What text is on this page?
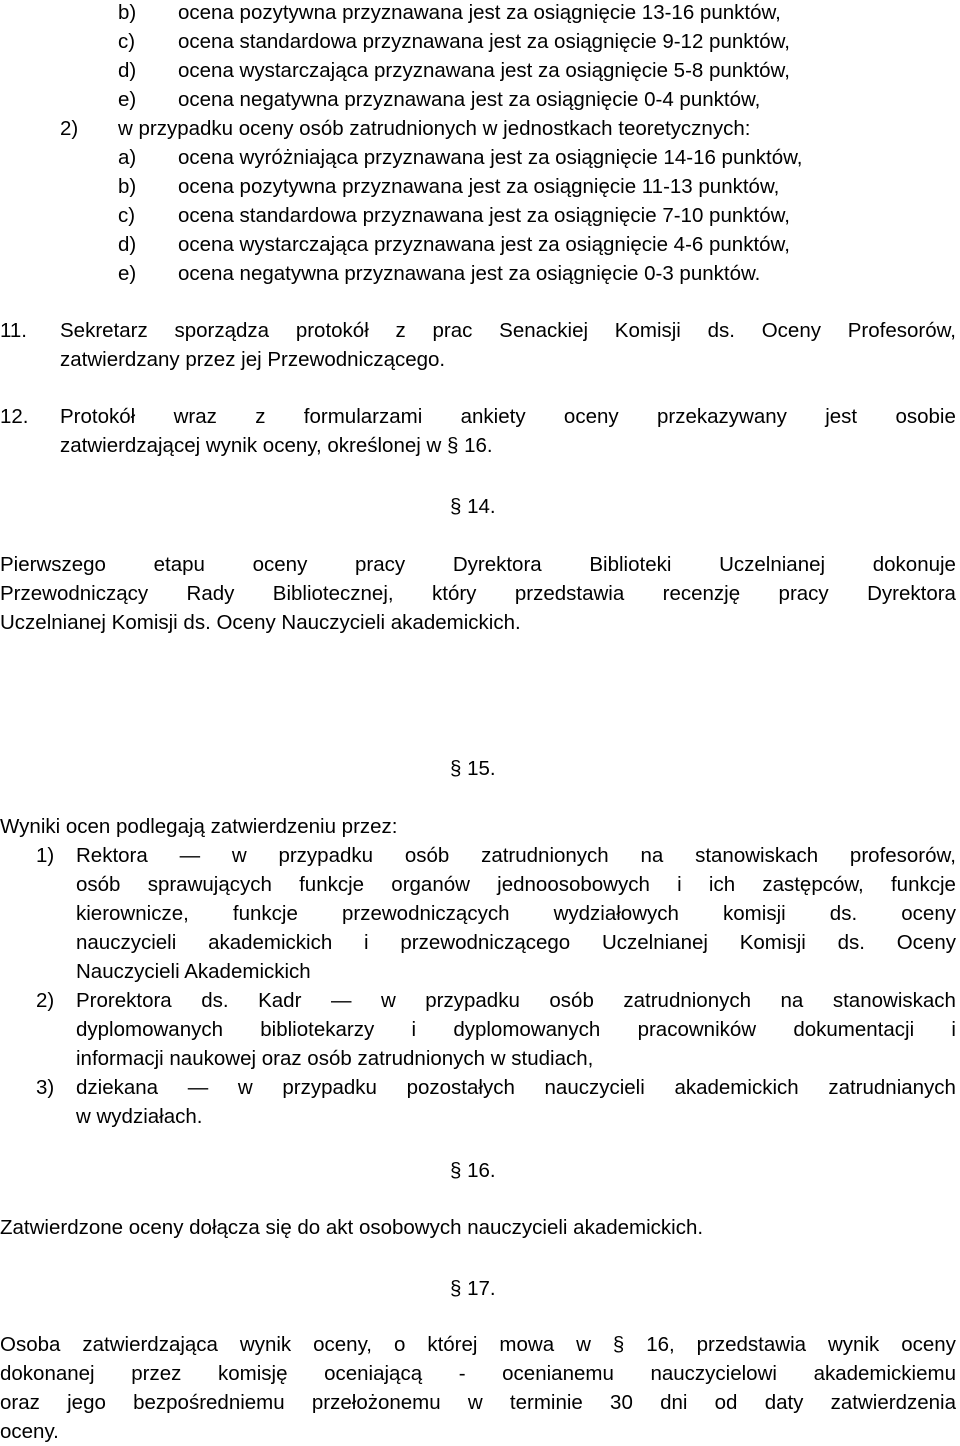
b) ocena pozytywna przyznawana jest za osiągnięcie 13-16 punktów,
c) ocena standardowa przyznawana jest za osiągnięcie 9-12 punktów,
d) ocena wystarczająca przyznawana jest za osiągnięcie 5-8 punktów,
e) ocena negatywna przyznawana jest za osiągnięcie 0-4 punktów,
2) w przypadku oceny osób zatrudnionych w jednostkach teoretycznych:
a) ocena wyróżniająca przyznawana jest za osiągnięcie 14-16 punktów,
b) ocena pozytywna przyznawana jest za osiągnięcie 11-13 punktów,
c) ocena standardowa przyznawana jest za osiągnięcie 7-10 punktów,
d) ocena wystarczająca przyznawana jest za osiągnięcie 4-6 punktów,
e) ocena negatywna przyznawana jest za osiągnięcie 0-3 punktów.
11. Sekretarz sporządza protokół z prac Senackiej Komisji ds. Oceny Profesorów,
zatwierdzany przez jej Przewodniczącego.
12. Protokół wraz z formularzami ankiety oceny przekazywany jest osobie
zatwierdzającej wynik oceny, określonej w § 16.
§ 14.
Pierwszego etapu oceny pracy Dyrektora Biblioteki Uczelnianej dokonuje
Przewodniczący Rady Bibliotecznej, który przedstawia recenzję pracy Dyrektora
Uczelnianej Komisji ds. Oceny Nauczycieli akademickich.
§ 15.
Wyniki ocen podlegają zatwierdzeniu przez:
1) Rektora — w przypadku osób zatrudnionych na stanowiskach profesorów,
osób sprawujących funkcje organów jednoosobowych i ich zastępców, funkcje
kierownicze, funkcje przewodniczących wydziałowych komisji ds. oceny
nauczycieli akademickich i przewodniczącego Uczelnianej Komisji ds. Oceny
Nauczycieli Akademickich
2) Prorektora ds. Kadr — w przypadku osób zatrudnionych na stanowiskach
dyplomowanych bibliotekarzy i dyplomowanych pracowników dokumentacji i
informacji naukowej oraz osób zatrudnionych w studiach,
3) dziekana — w przypadku pozostałych nauczycieli akademickich zatrudnianych
w wydziałach.
§ 16.
Zatwierdzone oceny dołącza się do akt osobowych nauczycieli akademickich.
§ 17.
Osoba zatwierdzająca wynik oceny, o której mowa w § 16, przedstawia wynik oceny
dokonanej przez komisję oceniającą - ocenianemu nauczycielowi akademickiemu
oraz jego bezpośredniemu przełożonemu w terminie 30 dni od daty zatwierdzenia
oceny.
